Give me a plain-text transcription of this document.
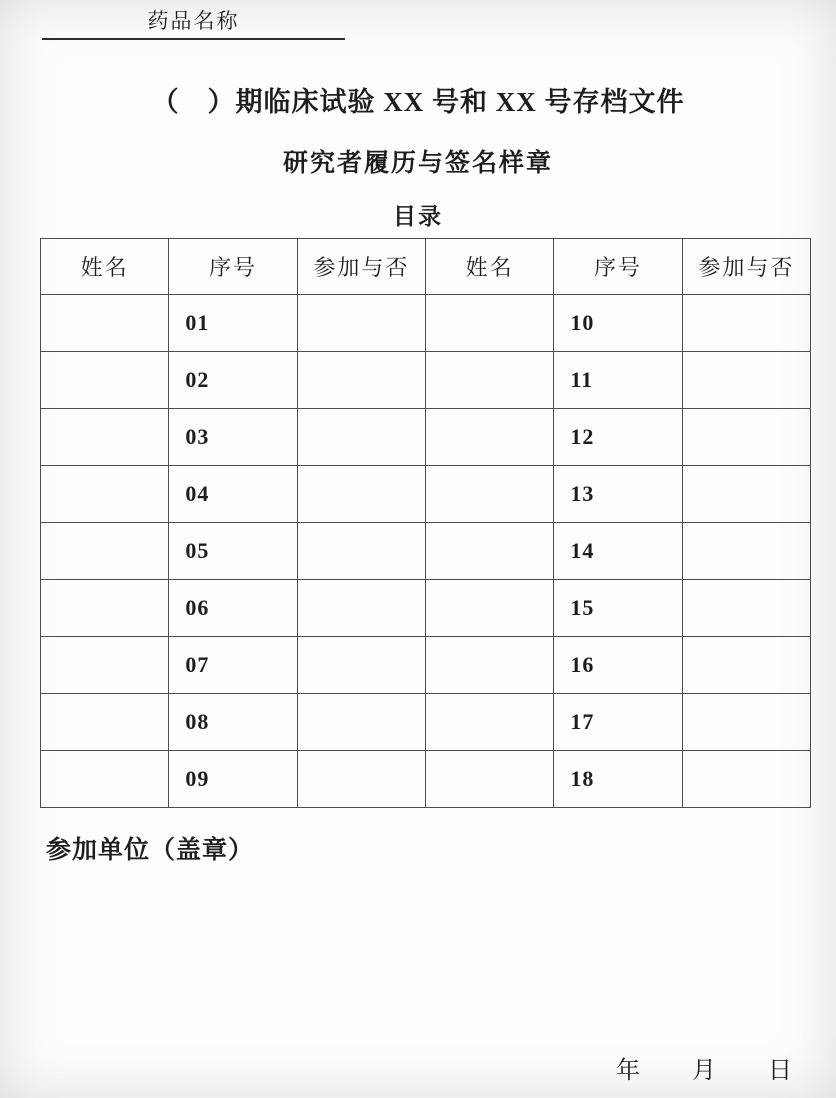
药品名称
（　）期临床试验 XX 号和 XX 号存档文件
研究者履历与签名样章
目录
姓名	序号	参加与否	姓名	序号	参加与否
	01			10	
	02			11	
	03			12	
	04			13	
	05			14	
	06			15	
	07			16	
	08			17	
	09			18	
参加单位（盖章）
年 月 日
